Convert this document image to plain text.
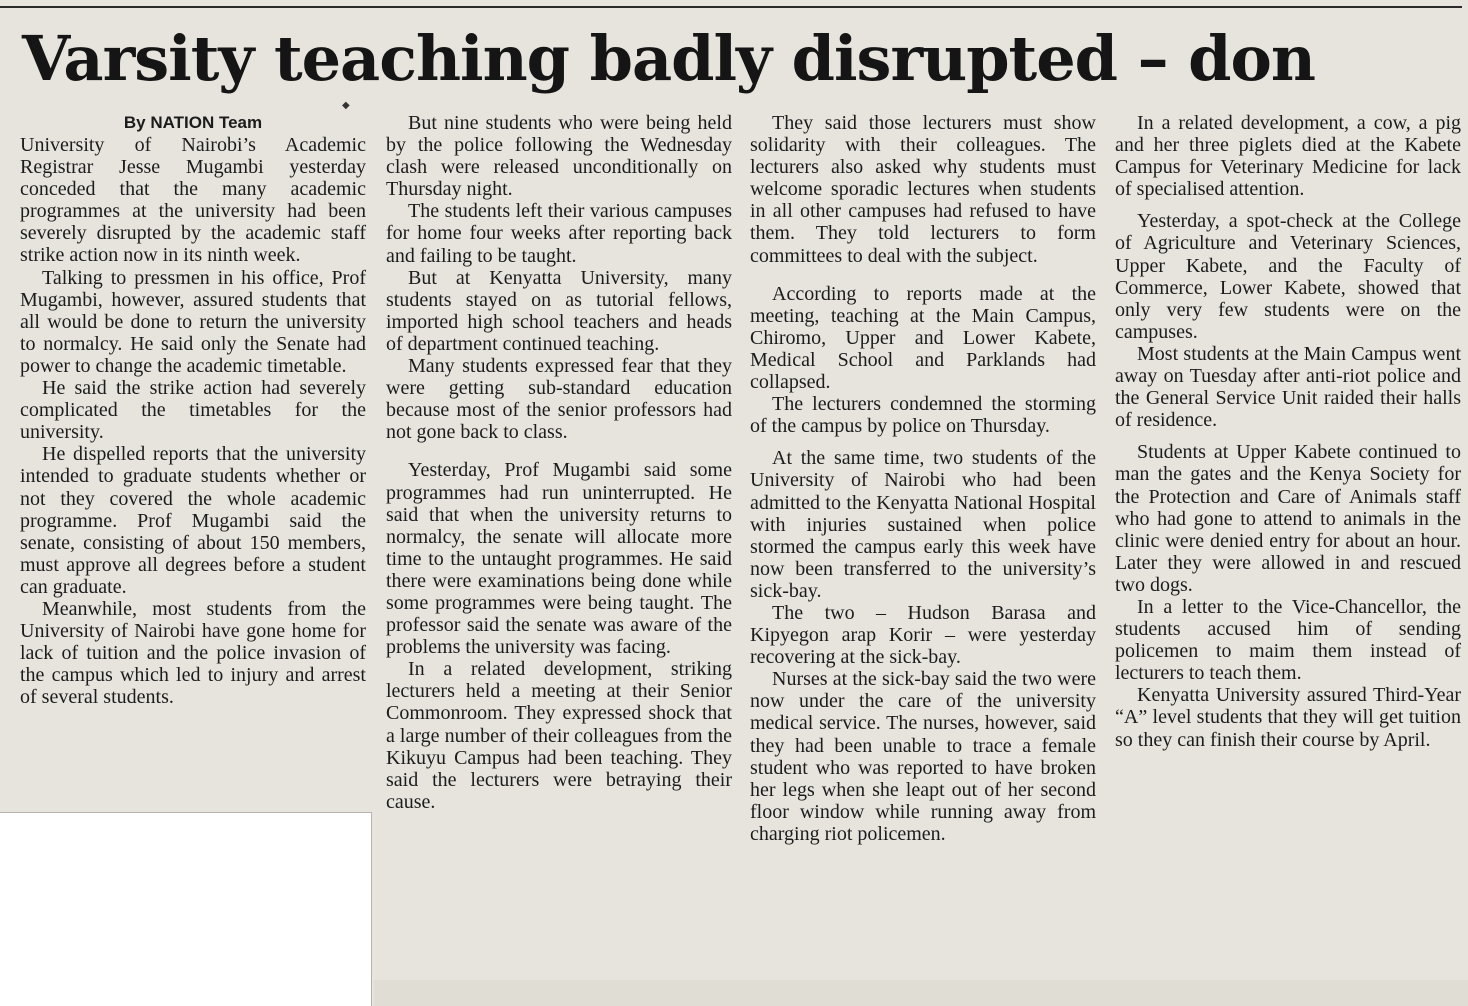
Varsity teaching badly disrupted – don
◆
By NATION Team

University of Nairobi’s Academic Registrar Jesse Mugambi yesterday conceded that the many academic programmes at the university had been severely disrupted by the academic staff strike action now in its ninth week.

Talking to pressmen in his office, Prof Mugambi, however, assured students that all would be done to return the university to normalcy. He said only the Senate had power to change the academic timetable.

He said the strike action had severely complicated the timetables for the university.

He dispelled reports that the university intended to graduate students whether or not they covered the whole academic programme. Prof Mugambi said the senate, consisting of about 150 members, must approve all degrees before a student can graduate.

Meanwhile, most students from the University of Nairobi have gone home for lack of tuition and the police invasion of the campus which led to injury and arrest of several students.

But nine students who were being held by the police following the Wednesday clash were released unconditionally on Thursday night.

The students left their various campuses for home four weeks after reporting back and failing to be taught.

But at Kenyatta University, many students stayed on as tutorial fellows, imported high school teachers and heads of department continued teaching.

Many students expressed fear that they were getting sub-standard education because most of the senior professors had not gone back to class.

Yesterday, Prof Mugambi said some programmes had run uninterrupted. He said that when the university returns to normalcy, the senate will allocate more time to the untaught programmes. He said there were examinations being done while some programmes were being taught. The professor said the senate was aware of the problems the university was facing.

In a related development, striking lecturers held a meeting at their Senior Commonroom. They expressed shock that a large number of their colleagues from the Kikuyu Campus had been teaching. They said the lecturers were betraying their cause.

They said those lecturers must show solidarity with their colleagues. The lecturers also asked why students must welcome sporadic lectures when students in all other campuses had refused to have them. They told lecturers to form committees to deal with the subject.

According to reports made at the meeting, teaching at the Main Campus, Chiromo, Upper and Lower Kabete, Medical School and Parklands had collapsed.

The lecturers condemned the storming of the campus by police on Thursday.

At the same time, two students of the University of Nairobi who had been admitted to the Kenyatta National Hospital with injuries sustained when police stormed the campus early this week have now been transferred to the university’s sick-bay.

The two – Hudson Barasa and Kipyegon arap Korir – were yesterday recovering at the sick-bay.

Nurses at the sick-bay said the two were now under the care of the university medical service. The nurses, however, said they had been unable to trace a female student who was reported to have broken her legs when she leapt out of her second floor window while running away from charging riot policemen.

In a related development, a cow, a pig and her three piglets died at the Kabete Campus for Veterinary Medicine for lack of specialised attention.

Yesterday, a spot-check at the College of Agriculture and Veterinary Sciences, Upper Kabete, and the Faculty of Commerce, Lower Kabete, showed that only very few students were on the campuses.

Most students at the Main Campus went away on Tuesday after anti-riot police and the General Service Unit raided their halls of residence.

Students at Upper Kabete continued to man the gates and the Kenya Society for the Protection and Care of Animals staff who had gone to attend to animals in the clinic were denied entry for about an hour. Later they were allowed in and rescued two dogs.

In a letter to the Vice-Chancellor, the students accused him of sending policemen to maim them instead of lecturers to teach them.

Kenyatta University assured Third-Year “A” level students that they will get tuition so they can finish their course by April.
